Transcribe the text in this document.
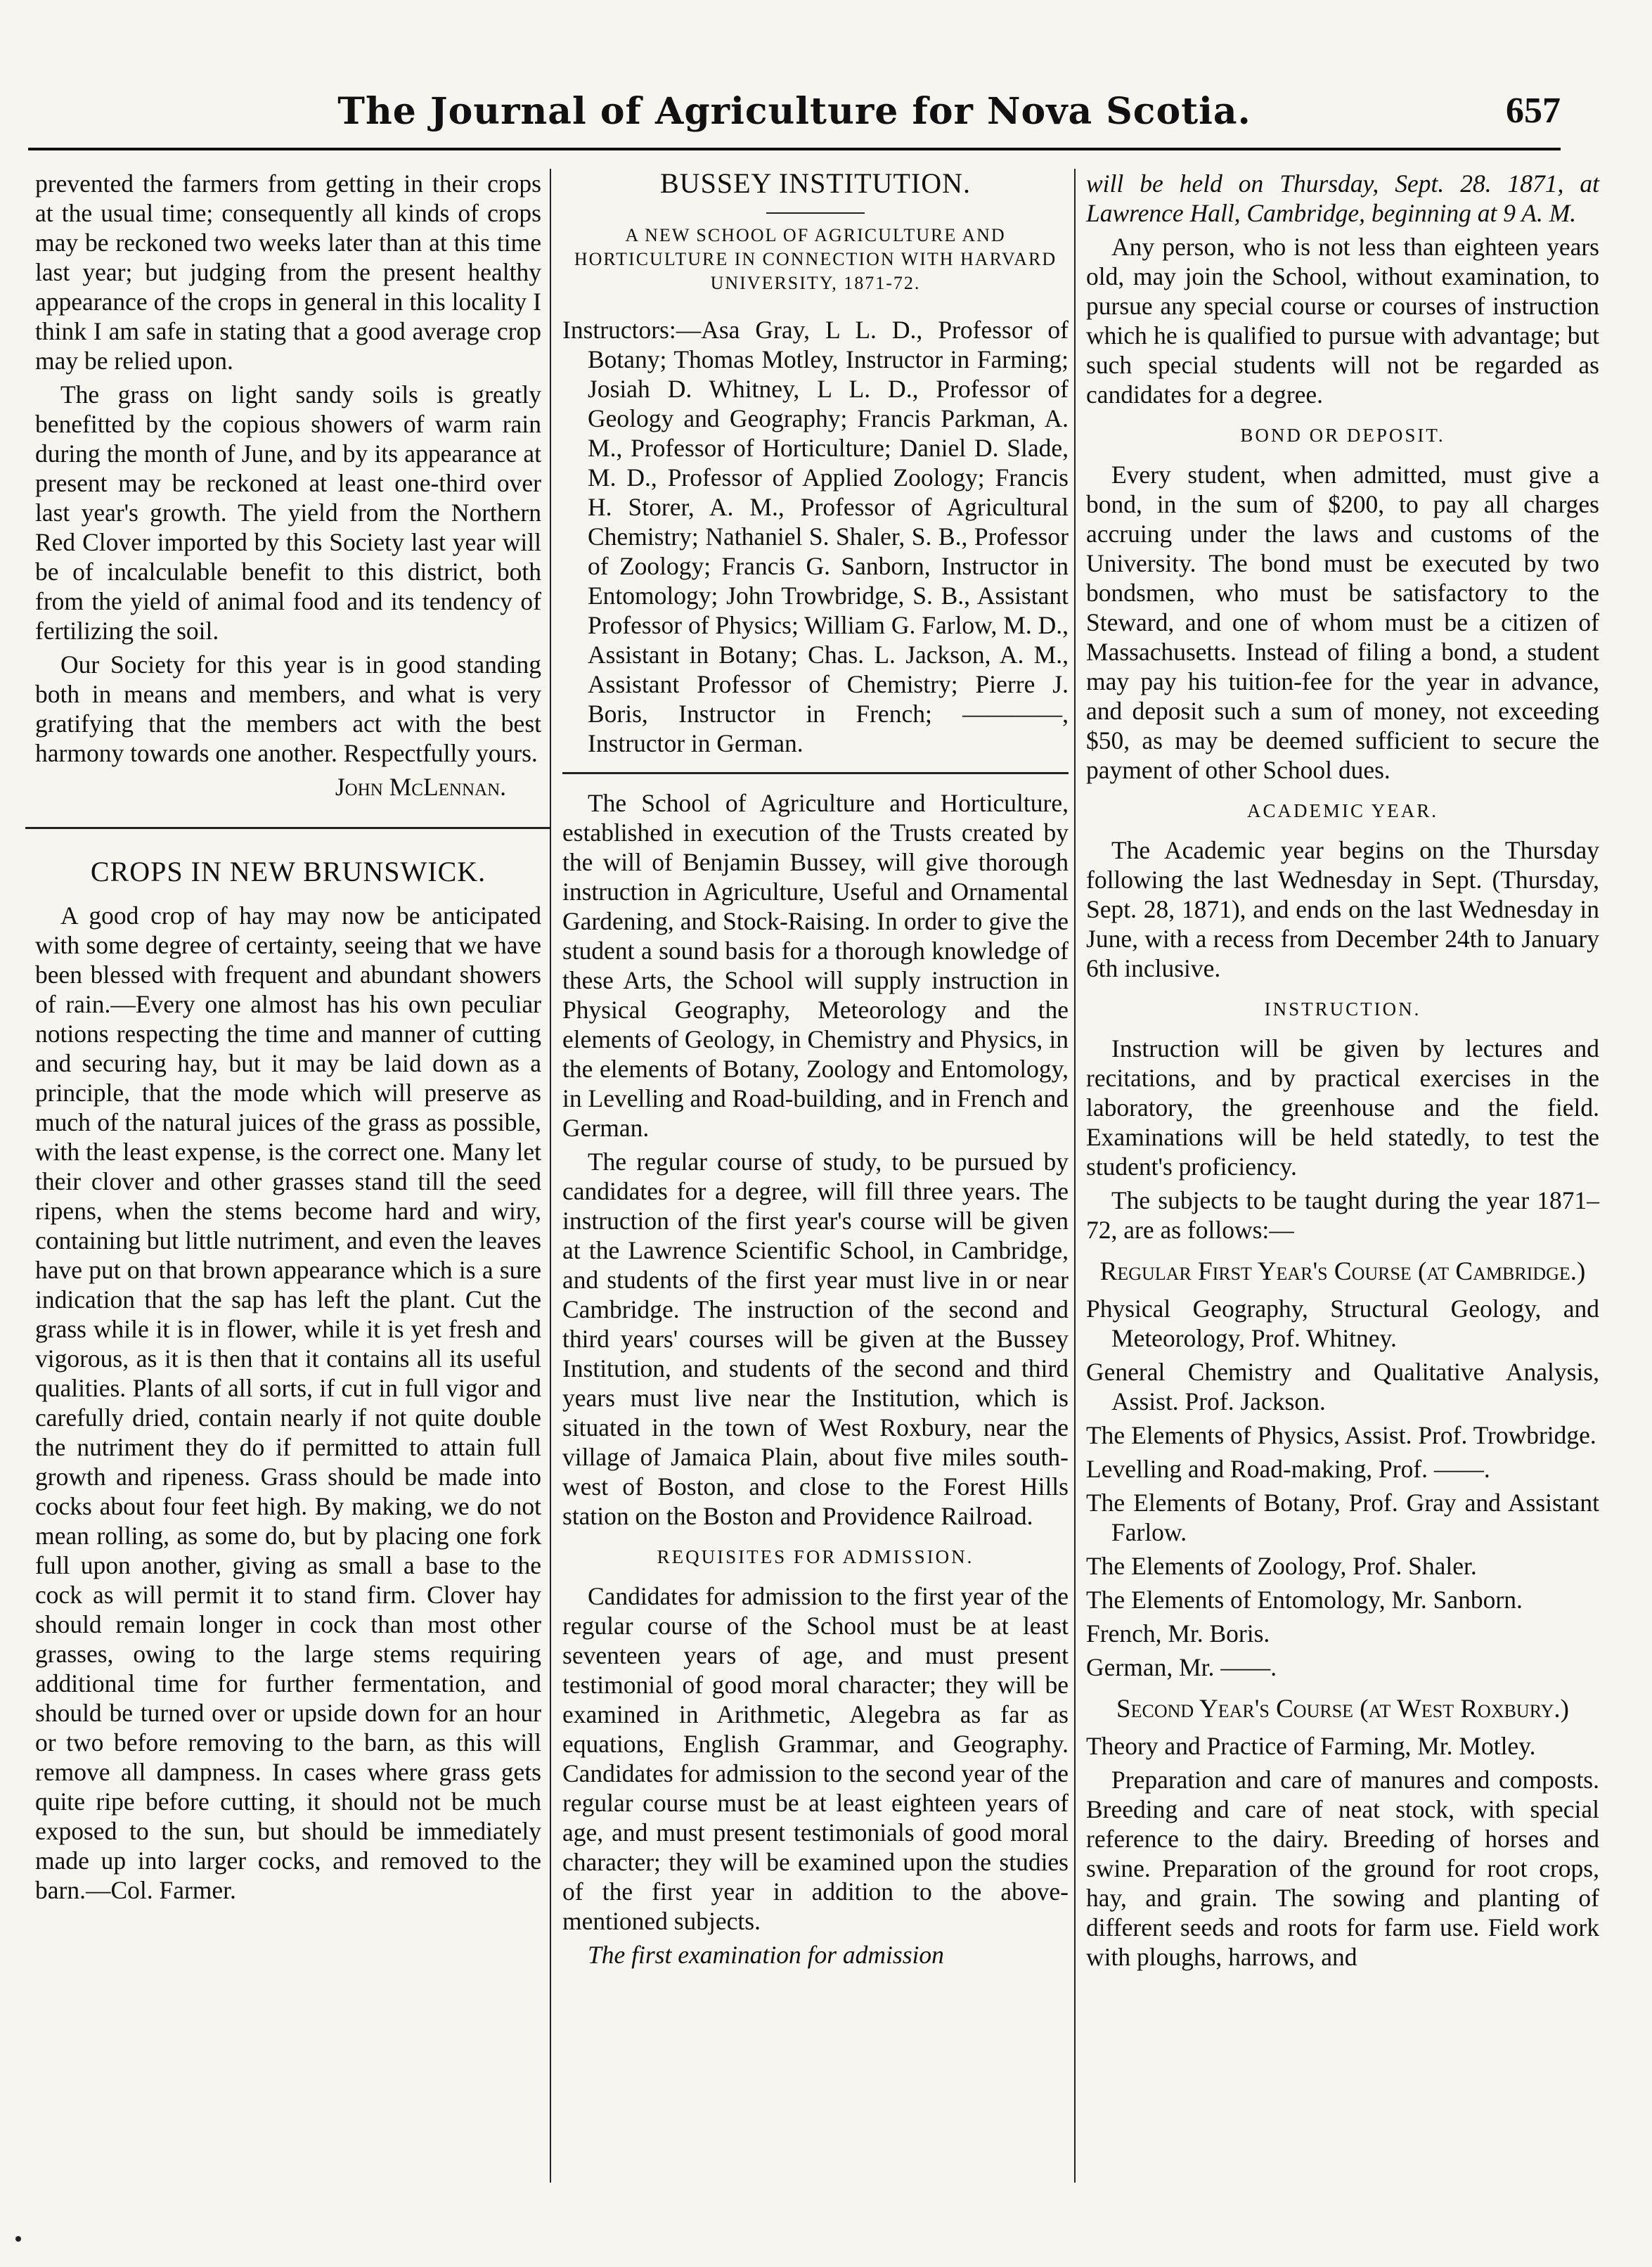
The Journal of Agriculture for Nova Scotia.	657

prevented the farmers from getting in their crops at the usual time; consequently all kinds of crops may be reckoned two weeks later than at this time last year; but judging from the present healthy appearance of the crops in general in this locality I think I am safe in stating that a good average crop may be relied upon.

The grass on light sandy soils is greatly benefitted by the copious showers of warm rain during the month of June, and by its appearance at present may be reckoned at least one-third over last year's growth. The yield from the Northern Red Clover imported by this Society last year will be of incalculable benefit to this district, both from the yield of animal food and its tendency of fertilizing the soil.

Our Society for this year is in good standing both in means and members, and what is very gratifying that the members act with the best harmony towards one another. Respectfully yours.

John McLennan.
CROPS IN NEW BRUNSWICK.

A good crop of hay may now be anticipated with some degree of certainty, seeing that we have been blessed with frequent and abundant showers of rain.—Every one almost has his own peculiar notions respecting the time and manner of cutting and securing hay, but it may be laid down as a principle, that the mode which will preserve as much of the natural juices of the grass as possible, with the least expense, is the correct one. Many let their clover and other grasses stand till the seed ripens, when the stems become hard and wiry, containing but little nutriment, and even the leaves have put on that brown appearance which is a sure indication that the sap has left the plant. Cut the grass while it is in flower, while it is yet fresh and vigorous, as it is then that it contains all its useful qualities. Plants of all sorts, if cut in full vigor and carefully dried, contain nearly if not quite double the nutriment they do if permitted to attain full growth and ripeness. Grass should be made into cocks about four feet high. By making, we do not mean rolling, as some do, but by placing one fork full upon another, giving as small a base to the cock as will permit it to stand firm. Clover hay should remain longer in cock than most other grasses, owing to the large stems requiring additional time for further fermentation, and should be turned over or upside down for an hour or two before removing to the barn, as this will remove all dampness. In cases where grass gets quite ripe before cutting, it should not be much exposed to the sun, but should be immediately made up into larger cocks, and removed to the barn.—Col. Farmer.

BUSSEY INSTITUTION.
A NEW SCHOOL OF AGRICULTURE AND HORTICULTURE IN CONNECTION WITH HARVARD UNIVERSITY, 1871-72.

Instructors:—Asa Gray, L L. D., Professor of Botany; Thomas Motley, Instructor in Farming; Josiah D. Whitney, L L. D., Professor of Geology and Geography; Francis Parkman, A. M., Professor of Horticulture; Daniel D. Slade, M. D., Professor of Applied Zoology; Francis H. Storer, A. M., Professor of Agricultural Chemistry; Nathaniel S. Shaler, S. B., Professor of Zoology; Francis G. Sanborn, Instructor in Entomology; John Trowbridge, S. B., Assistant Professor of Physics; William G. Farlow, M. D., Assistant in Botany; Chas. L. Jackson, A. M., Assistant Professor of Chemistry; Pierre J. Boris, Instructor in French; ————, Instructor in German.

The School of Agriculture and Horticulture, established in execution of the Trusts created by the will of Benjamin Bussey, will give thorough instruction in Agriculture, Useful and Ornamental Gardening, and Stock-Raising. In order to give the student a sound basis for a thorough knowledge of these Arts, the School will supply instruction in Physical Geography, Meteorology and the elements of Geology, in Chemistry and Physics, in the elements of Botany, Zoology and Entomology, in Levelling and Road-building, and in French and German.

The regular course of study, to be pursued by candidates for a degree, will fill three years. The instruction of the first year's course will be given at the Lawrence Scientific School, in Cambridge, and students of the first year must live in or near Cambridge. The instruction of the second and third years' courses will be given at the Bussey Institution, and students of the second and third years must live near the Institution, which is situated in the town of West Roxbury, near the village of Jamaica Plain, about five miles south-west of Boston, and close to the Forest Hills station on the Boston and Providence Railroad.

REQUISITES FOR ADMISSION.

Candidates for admission to the first year of the regular course of the School must be at least seventeen years of age, and must present testimonial of good moral character; they will be examined in Arithmetic, Alegebra as far as equations, English Grammar, and Geography. Candidates for admission to the second year of the regular course must be at least eighteen years of age, and must present testimonials of good moral character; they will be examined upon the studies of the first year in addition to the above-mentioned subjects.

The first examination for admission

will be held on Thursday, Sept. 28. 1871, at Lawrence Hall, Cambridge, beginning at 9 A. M.

Any person, who is not less than eighteen years old, may join the School, without examination, to pursue any special course or courses of instruction which he is qualified to pursue with advantage; but such special students will not be regarded as candidates for a degree.

BOND OR DEPOSIT.

Every student, when admitted, must give a bond, in the sum of $200, to pay all charges accruing under the laws and customs of the University. The bond must be executed by two bondsmen, who must be satisfactory to the Steward, and one of whom must be a citizen of Massachusetts. Instead of filing a bond, a student may pay his tuition-fee for the year in advance, and deposit such a sum of money, not exceeding $50, as may be deemed sufficient to secure the payment of other School dues.

ACADEMIC YEAR.

The Academic year begins on the Thursday following the last Wednesday in Sept. (Thursday, Sept. 28, 1871), and ends on the last Wednesday in June, with a recess from December 24th to January 6th inclusive.

INSTRUCTION.

Instruction will be given by lectures and recitations, and by practical exercises in the laboratory, the greenhouse and the field. Examinations will be held statedly, to test the student's proficiency.

The subjects to be taught during the year 1871–72, are as follows:—

Regular First Year's Course (at Cambridge.)

Physical Geography, Structural Geology, and Meteorology, Prof. Whitney.

General Chemistry and Qualitative Analysis, Assist. Prof. Jackson.

The Elements of Physics, Assist. Prof. Trowbridge.

Levelling and Road-making, Prof. ——.

The Elements of Botany, Prof. Gray and Assistant Farlow.

The Elements of Zoology, Prof. Shaler.

The Elements of Entomology, Mr. Sanborn.

French, Mr. Boris.

German, Mr. ——.

Second Year's Course (at West Roxbury.)

Theory and Practice of Farming, Mr. Motley.

Preparation and care of manures and composts. Breeding and care of neat stock, with special reference to the dairy. Breeding of horses and swine. Preparation of the ground for root crops, hay, and grain. The sowing and planting of different seeds and roots for farm use. Field work with ploughs, harrows, and
